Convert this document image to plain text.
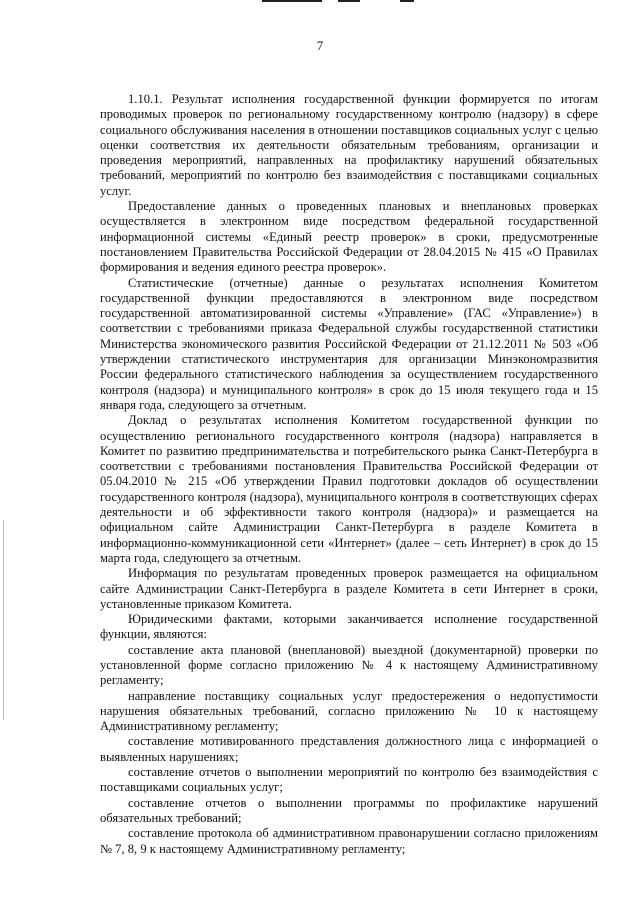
7

1.10.1. Результат исполнения государственной функции формируется по итогам проводимых проверок по региональному государственному контролю (надзору) в сфере социального обслуживания населения в отношении поставщиков социальных услуг с целью оценки соответствия их деятельности обязательным требованиям, организации и проведения мероприятий, направленных на профилактику нарушений обязательных требований, мероприятий по контролю без взаимодействия с поставщиками социальных услуг.

Предоставление данных о проведенных плановых и внеплановых проверках осуществляется в электронном виде посредством федеральной государственной информационной системы «Единый реестр проверок» в сроки, предусмотренные постановлением Правительства Российской Федерации от 28.04.2015 № 415 «О Правилах формирования и ведения единого реестра проверок».

Статистические (отчетные) данные о результатах исполнения Комитетом государственной функции предоставляются в электронном виде посредством государственной автоматизированной системы «Управление» (ГАС «Управление») в соответствии с требованиями приказа Федеральной службы государственной статистики Министерства экономического развития Российской Федерации от 21.12.2011 № 503 «Об утверждении статистического инструментария для организации Минэкономразвития России федерального статистического наблюдения за осуществлением государственного контроля (надзора) и муниципального контроля» в срок до 15 июля текущего года и 15 января года, следующего за отчетным.

Доклад о результатах исполнения Комитетом государственной функции по осуществлению регионального государственного контроля (надзора) направляется в Комитет по развитию предпринимательства и потребительского рынка Санкт-Петербурга в соответствии с требованиями постановления Правительства Российской Федерации от 05.04.2010 № 215 «Об утверждении Правил подготовки докладов об осуществлении государственного контроля (надзора), муниципального контроля в соответствующих сферах деятельности и об эффективности такого контроля (надзора)» и размещается на официальном сайте Администрации Санкт-Петербурга в разделе Комитета в информационно-коммуникационной сети «Интернет» (далее – сеть Интернет) в срок до 15 марта года, следующего за отчетным.

Информация по результатам проведенных проверок размещается на официальном сайте Администрации Санкт-Петербурга в разделе Комитета в сети Интернет в сроки, установленные приказом Комитета.

Юридическими фактами, которыми заканчивается исполнение государственной функции, являются:

составление акта плановой (внеплановой) выездной (документарной) проверки по установленной форме согласно приложению № 4 к настоящему Административному регламенту;

направление поставщику социальных услуг предостережения о недопустимости нарушения обязательных требований, согласно приложению № 10 к настоящему Административному регламенту;

составление мотивированного представления должностного лица с информацией о выявленных нарушениях;

составление отчетов о выполнении мероприятий по контролю без взаимодействия с поставщиками социальных услуг;

составление отчетов о выполнении программы по профилактике нарушений обязательных требований;

составление протокола об административном правонарушении согласно приложениям № 7, 8, 9 к настоящему Административному регламенту;
